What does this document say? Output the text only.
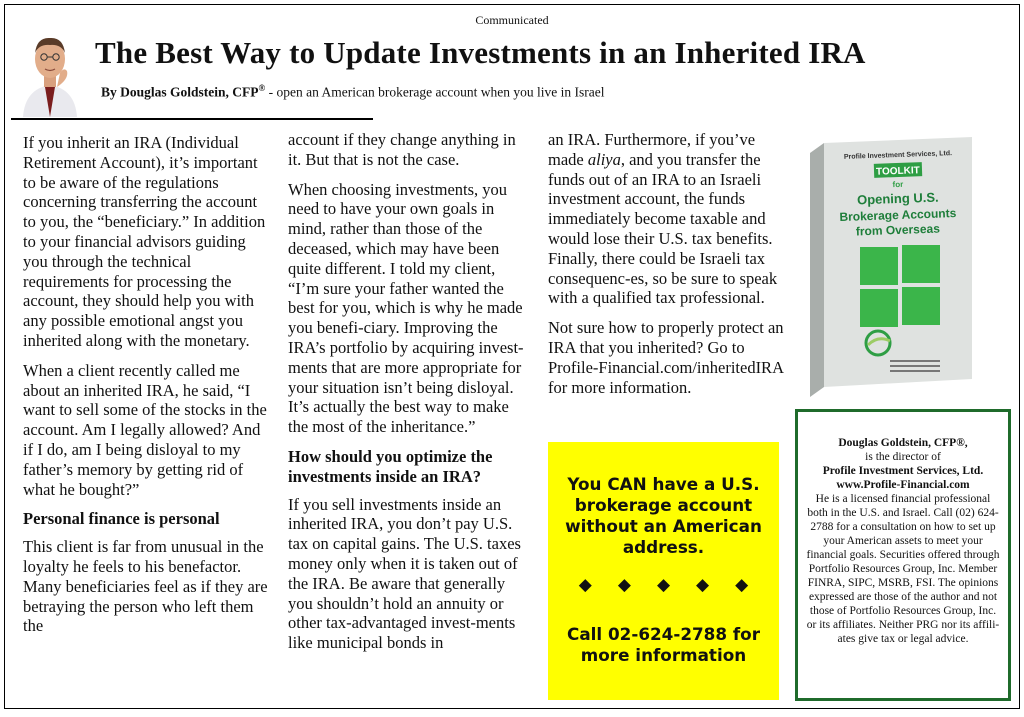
Communicated
The Best Way to Update Investments in an Inherited IRA
By Douglas Goldstein, CFP® - open an American brokerage account when you live in Israel

If you inherit an IRA (Individual Retirement Account), it’s important to be aware of the regulations concerning transferring the account to you, the “beneficiary.” In addition to your financial advisors guiding you through the technical requirements for processing the account, they should help you with any possible emotional angst you inherited along with the monetary.

When a client recently called me about an inherited IRA, he said, “I want to sell some of the stocks in the account. Am I legally allowed? And if I do, am I being disloyal to my father’s memory by getting rid of what he bought?”

Personal finance is personal

This client is far from unusual in the loyalty he feels to his benefactor. Many beneficiaries feel as if they are betraying the person who left them the

account if they change anything in it. But that is not the case.

When choosing investments, you need to have your own goals in mind, rather than those of the deceased, which may have been quite different. I told my client, “I’m sure your father wanted the best for you, which is why he made you benefi-ciary. Improving the IRA’s portfolio by acquiring invest-ments that are more appropriate for your situation isn’t being disloyal. It’s actually the best way to make the most of the inheritance.”

How should you optimize the investments inside an IRA?

If you sell investments inside an inherited IRA, you don’t pay U.S. tax on capital gains. The U.S. taxes money only when it is taken out of the IRA. Be aware that generally you shouldn’t hold an annuity or other tax-advantaged invest-ments like municipal bonds in

an IRA. Furthermore, if you’ve made aliya, and you transfer the funds out of an IRA to an Israeli investment account, the funds immediately become taxable and would lose their U.S. tax benefits. Finally, there could be Israeli tax consequenc-es, so be sure to speak with a qualified tax professional.

Not sure how to properly protect an IRA that you inherited? Go to Profile-Financial.com/inheritedIRA for more information.

Profile Investment Services, Ltd.
TOOLKIT
for
Opening U.S.
Brokerage Accounts
from Overseas
You CAN have a U.S. brokerage account without an American address.
◆ ◆ ◆ ◆ ◆
Call 02-624-2788 for more information
Douglas Goldstein, CFP®,
is the director of
Profile Investment Services, Ltd.
www.Profile-Financial.com
He is a licensed financial professional both in the U.S. and Israel. Call (02) 624-2788 for a consultation on how to set up your American assets to meet your financial goals. Securities offered through Portfolio Resources Group, Inc. Member FINRA, SIPC, MSRB, FSI. The opinions expressed are those of the author and not those of Portfolio Resources Group, Inc. or its affiliates. Neither PRG nor its affili-ates give tax or legal advice.
